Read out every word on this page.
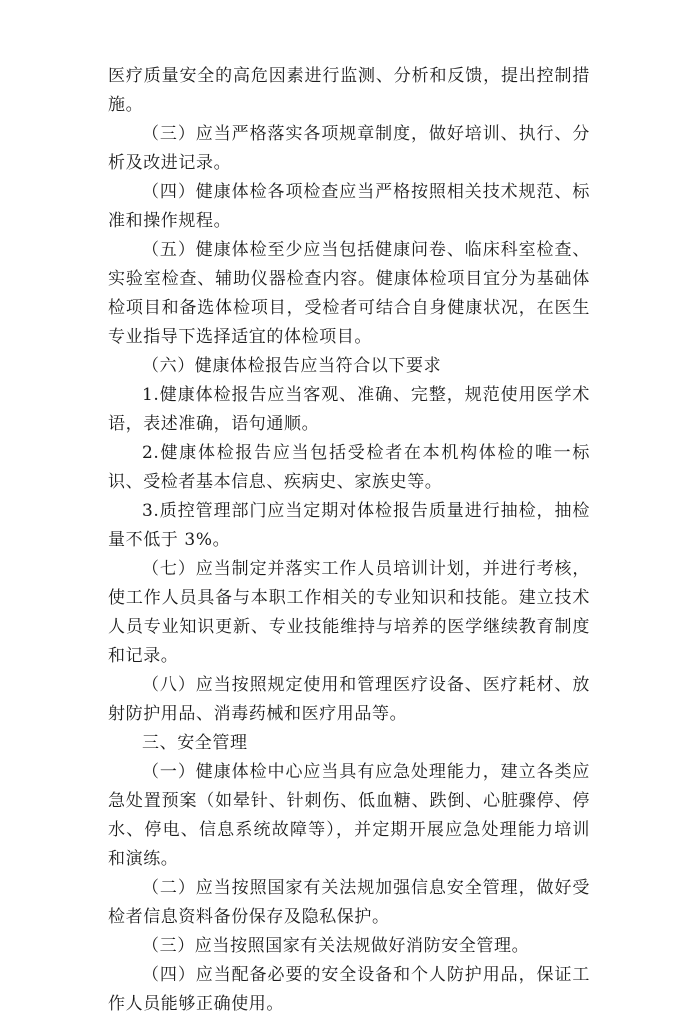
医疗质量安全的高危因素进行监测、分析和反馈，提出控制措施。

（三）应当严格落实各项规章制度，做好培训、执行、分析及改进记录。

（四）健康体检各项检查应当严格按照相关技术规范、标准和操作规程。

（五）健康体检至少应当包括健康问卷、临床科室检查、实验室检查、辅助仪器检查内容。健康体检项目宜分为基础体检项目和备选体检项目，受检者可结合自身健康状况，在医生专业指导下选择适宜的体检项目。

（六）健康体检报告应当符合以下要求

1.健康体检报告应当客观、准确、完整，规范使用医学术语，表述准确，语句通顺。

2.健康体检报告应当包括受检者在本机构体检的唯一标识、受检者基本信息、疾病史、家族史等。

3.质控管理部门应当定期对体检报告质量进行抽检，抽检量不低于 3%。

（七）应当制定并落实工作人员培训计划，并进行考核，使工作人员具备与本职工作相关的专业知识和技能。建立技术人员专业知识更新、专业技能维持与培养的医学继续教育制度和记录。

（八）应当按照规定使用和管理医疗设备、医疗耗材、放射防护用品、消毒药械和医疗用品等。

三、安全管理

（一）健康体检中心应当具有应急处理能力，建立各类应急处置预案（如晕针、针刺伤、低血糖、跌倒、心脏骤停、停水、停电、信息系统故障等），并定期开展应急处理能力培训和演练。

（二）应当按照国家有关法规加强信息安全管理，做好受检者信息资料备份保存及隐私保护。

（三）应当按照国家有关法规做好消防安全管理。

（四）应当配备必要的安全设备和个人防护用品，保证工作人员能够正确使用。
